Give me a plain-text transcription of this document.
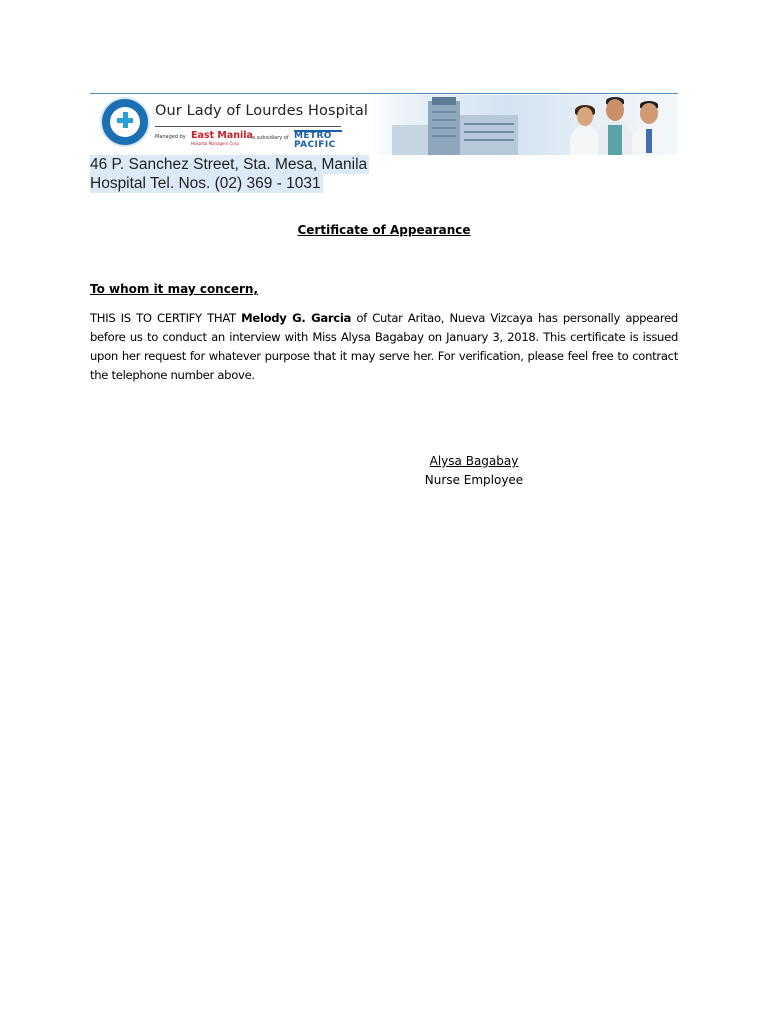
Our Lady of Lourdes Hospital
Managed by East Manila
Hospital Managers Corp
a subsidiary of METRO
PACIFIC
46 P. Sanchez Street, Sta. Mesa, Manila
Hospital Tel. Nos. (02) 369 - 1031
Certificate of Appearance
To whom it may concern,
THIS IS TO CERTIFY THAT Melody G. Garcia of Cutar Aritao, Nueva Vizcaya has personally appeared before us to conduct an interview with Miss Alysa Bagabay on January 3, 2018. This certificate is issued upon her request for whatever purpose that it may serve her. For verification, please feel free to contract the telephone number above.
Alysa Bagabay
Nurse Employee
